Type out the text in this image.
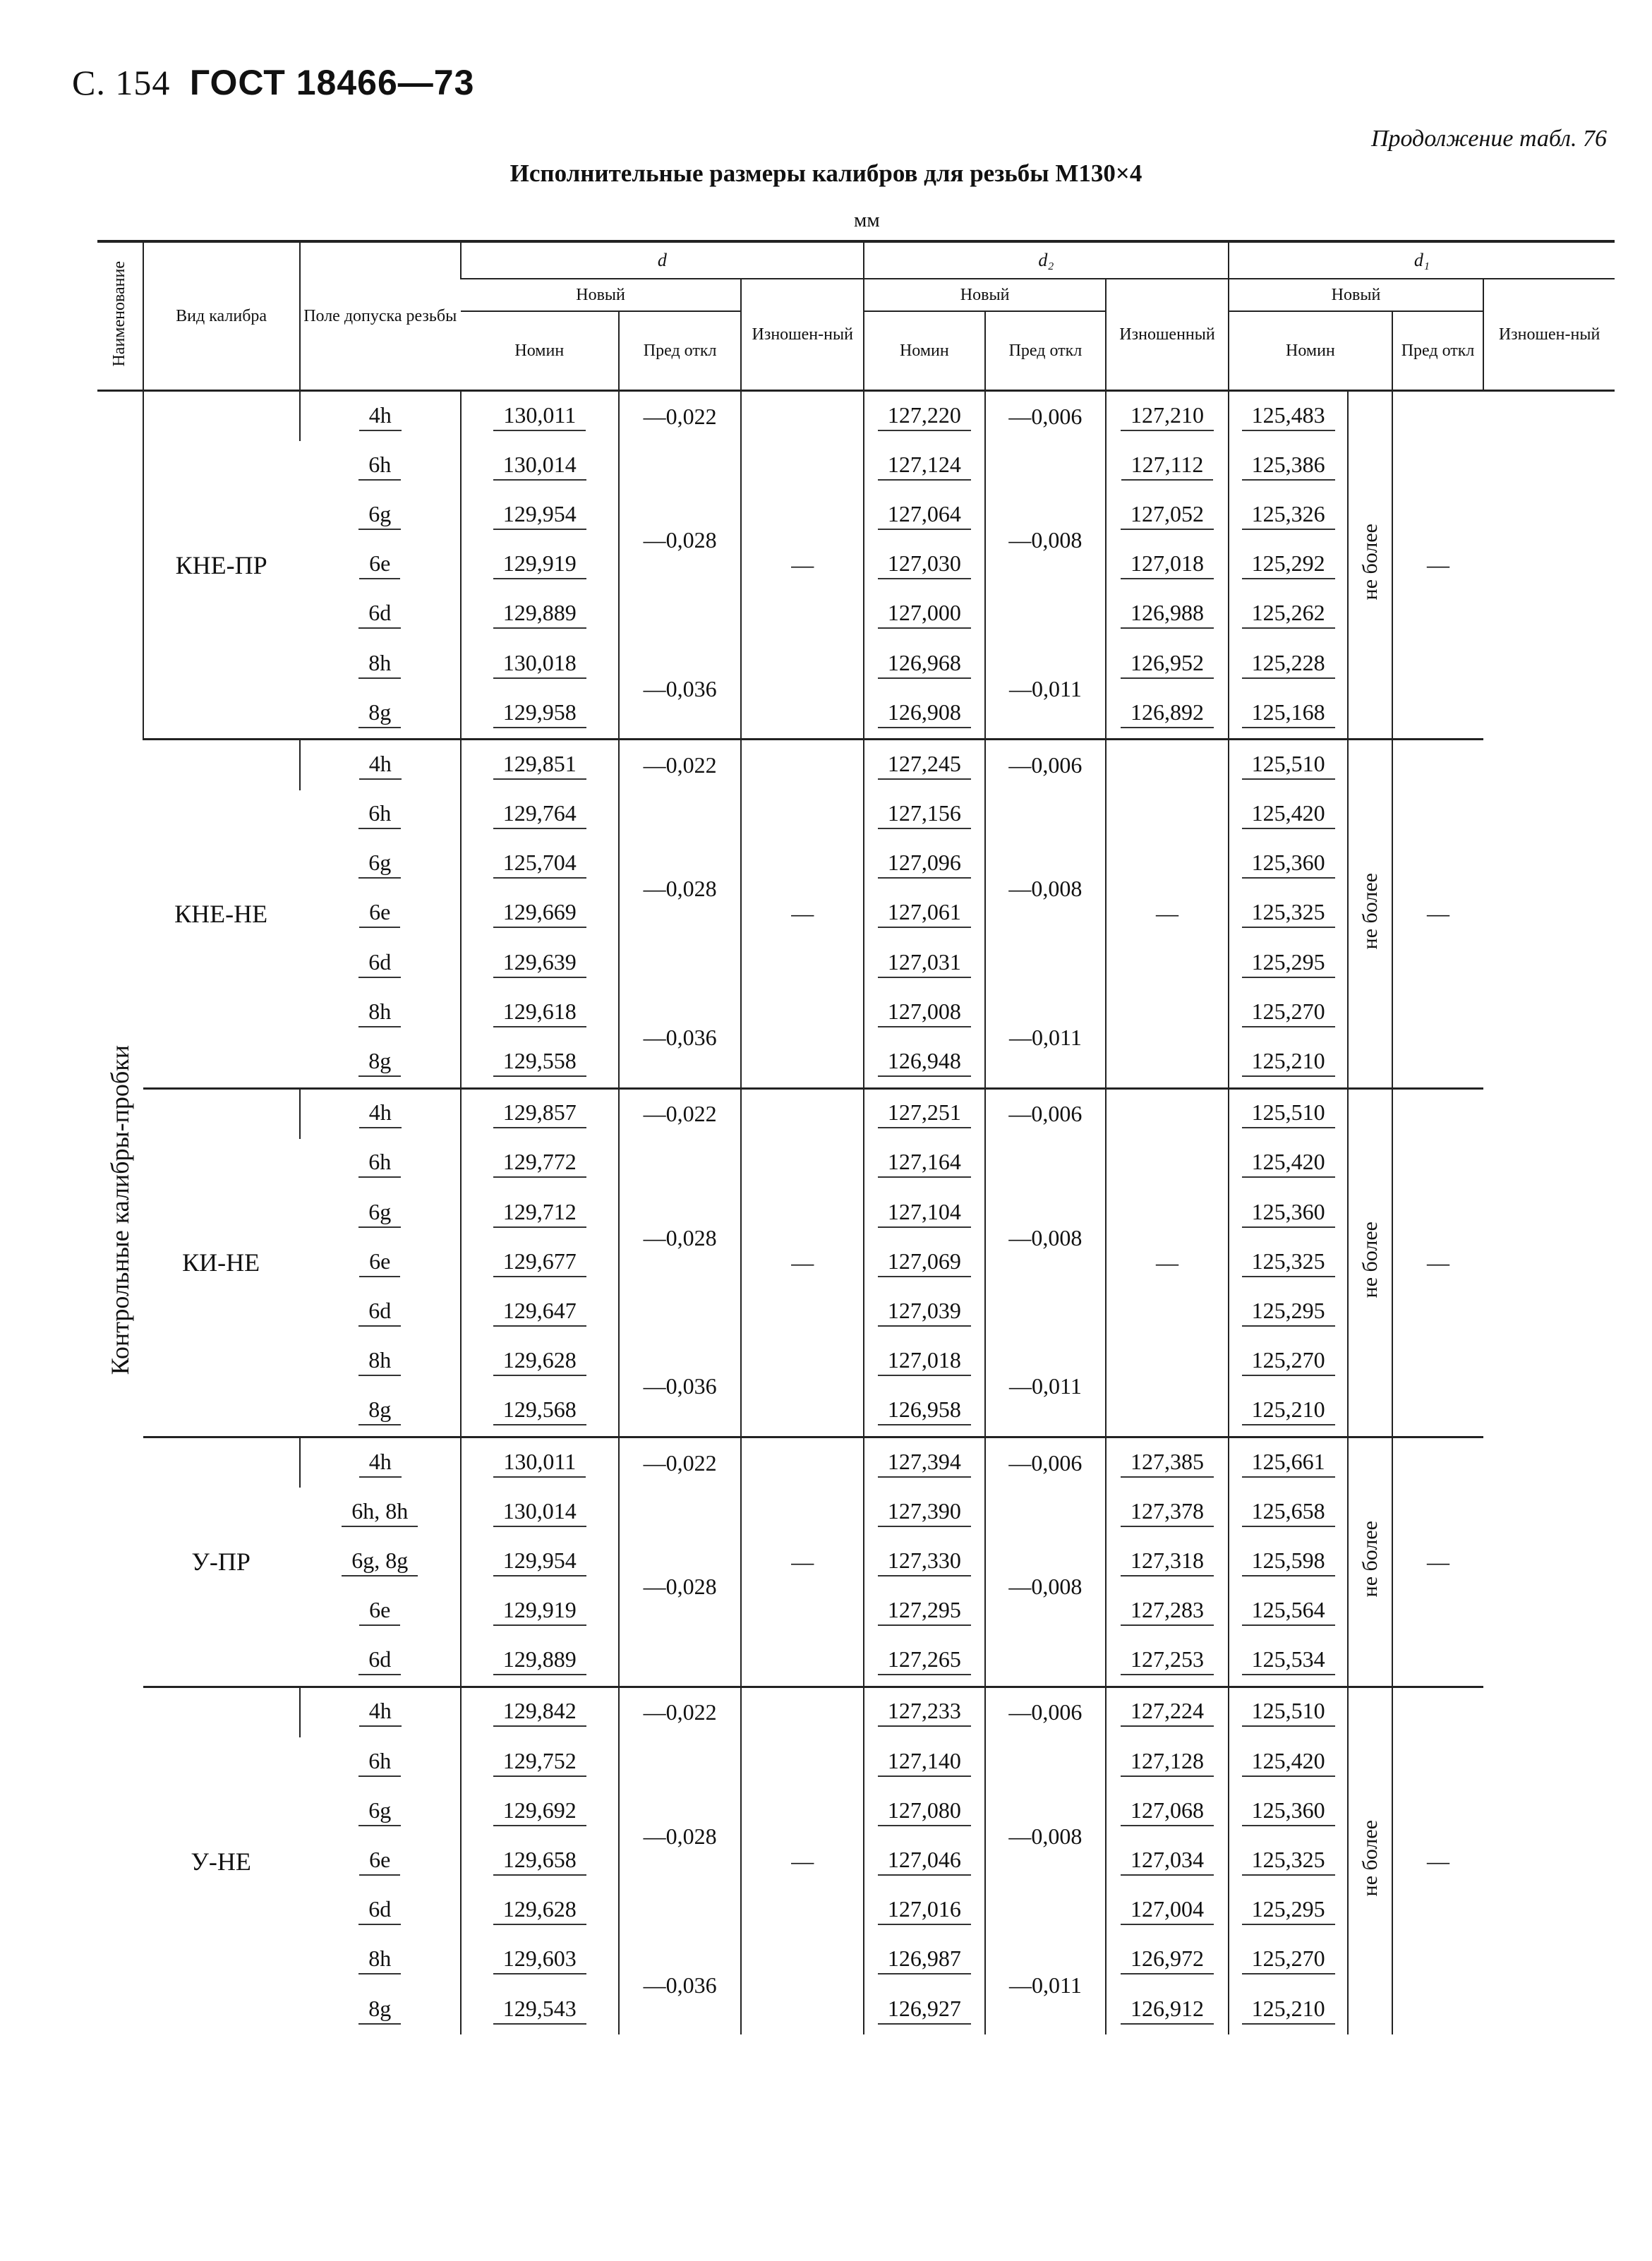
С. 154 ГОСТ 18466—73
Продолжение табл. 76
Исполнительные размеры калибров для резьбы М130×4
мм
Наименование	Вид калибра	Поле допуска резьбы	d			d₂			d₁			
			Новый		Изношен-ный	Новый		Изношенный	Новый			Изношен-ный
			Номин	Пред откл		Номин	Пред откл		Номин		Пред откл	
Контрольные калибры-пробки	КНЕ-ПР	4h	130,011	—0,022	—	127,220	—0,006	127,210	125,483	не более	—	
		6h	130,014	—0,028		127,124	—0,008	127,112	125,386			
		6g	129,954			127,064		127,052	125,326			
		6e	129,919			127,030		127,018	125,292			
		6d	129,889			127,000		126,988	125,262			
		8h	130,018	—0,036		126,968	—0,011	126,952	125,228			
		8g	129,958			126,908		126,892	125,168			
	КНЕ-НЕ	4h	129,851	—0,022	—	127,245	—0,006	—	125,510	не более	—	
		6h	129,764	—0,028		127,156	—0,008		125,420			
		6g	125,704			127,096			125,360			
		6e	129,669			127,061			125,325			
		6d	129,639			127,031			125,295			
		8h	129,618	—0,036		127,008	—0,011		125,270			
		8g	129,558			126,948			125,210			
	КИ-НЕ	4h	129,857	—0,022	—	127,251	—0,006	—	125,510	не более	—	
		6h	129,772	—0,028		127,164	—0,008		125,420			
		6g	129,712			127,104			125,360			
		6e	129,677			127,069			125,325			
		6d	129,647			127,039			125,295			
		8h	129,628	—0,036		127,018	—0,011		125,270			
		8g	129,568			126,958			125,210			
	У-ПР	4h	130,011	—0,022	—	127,394	—0,006	127,385	125,661	не более	—	
		6h, 8h	130,014	—0,028		127,390	—0,008	127,378	125,658			
		6g, 8g	129,954			127,330		127,318	125,598			
		6e	129,919			127,295		127,283	125,564			
		6d	129,889			127,265		127,253	125,534			
	У-НЕ	4h	129,842	—0,022	—	127,233	—0,006	127,224	125,510	не более	—	
		6h	129,752	—0,028		127,140	—0,008	127,128	125,420			
		6g	129,692			127,080		127,068	125,360			
		6e	129,658			127,046		127,034	125,325			
		6d	129,628			127,016		127,004	125,295			
		8h	129,603	—0,036		126,987	—0,011	126,972	125,270			
		8g	129,543			126,927		126,912	125,210			
